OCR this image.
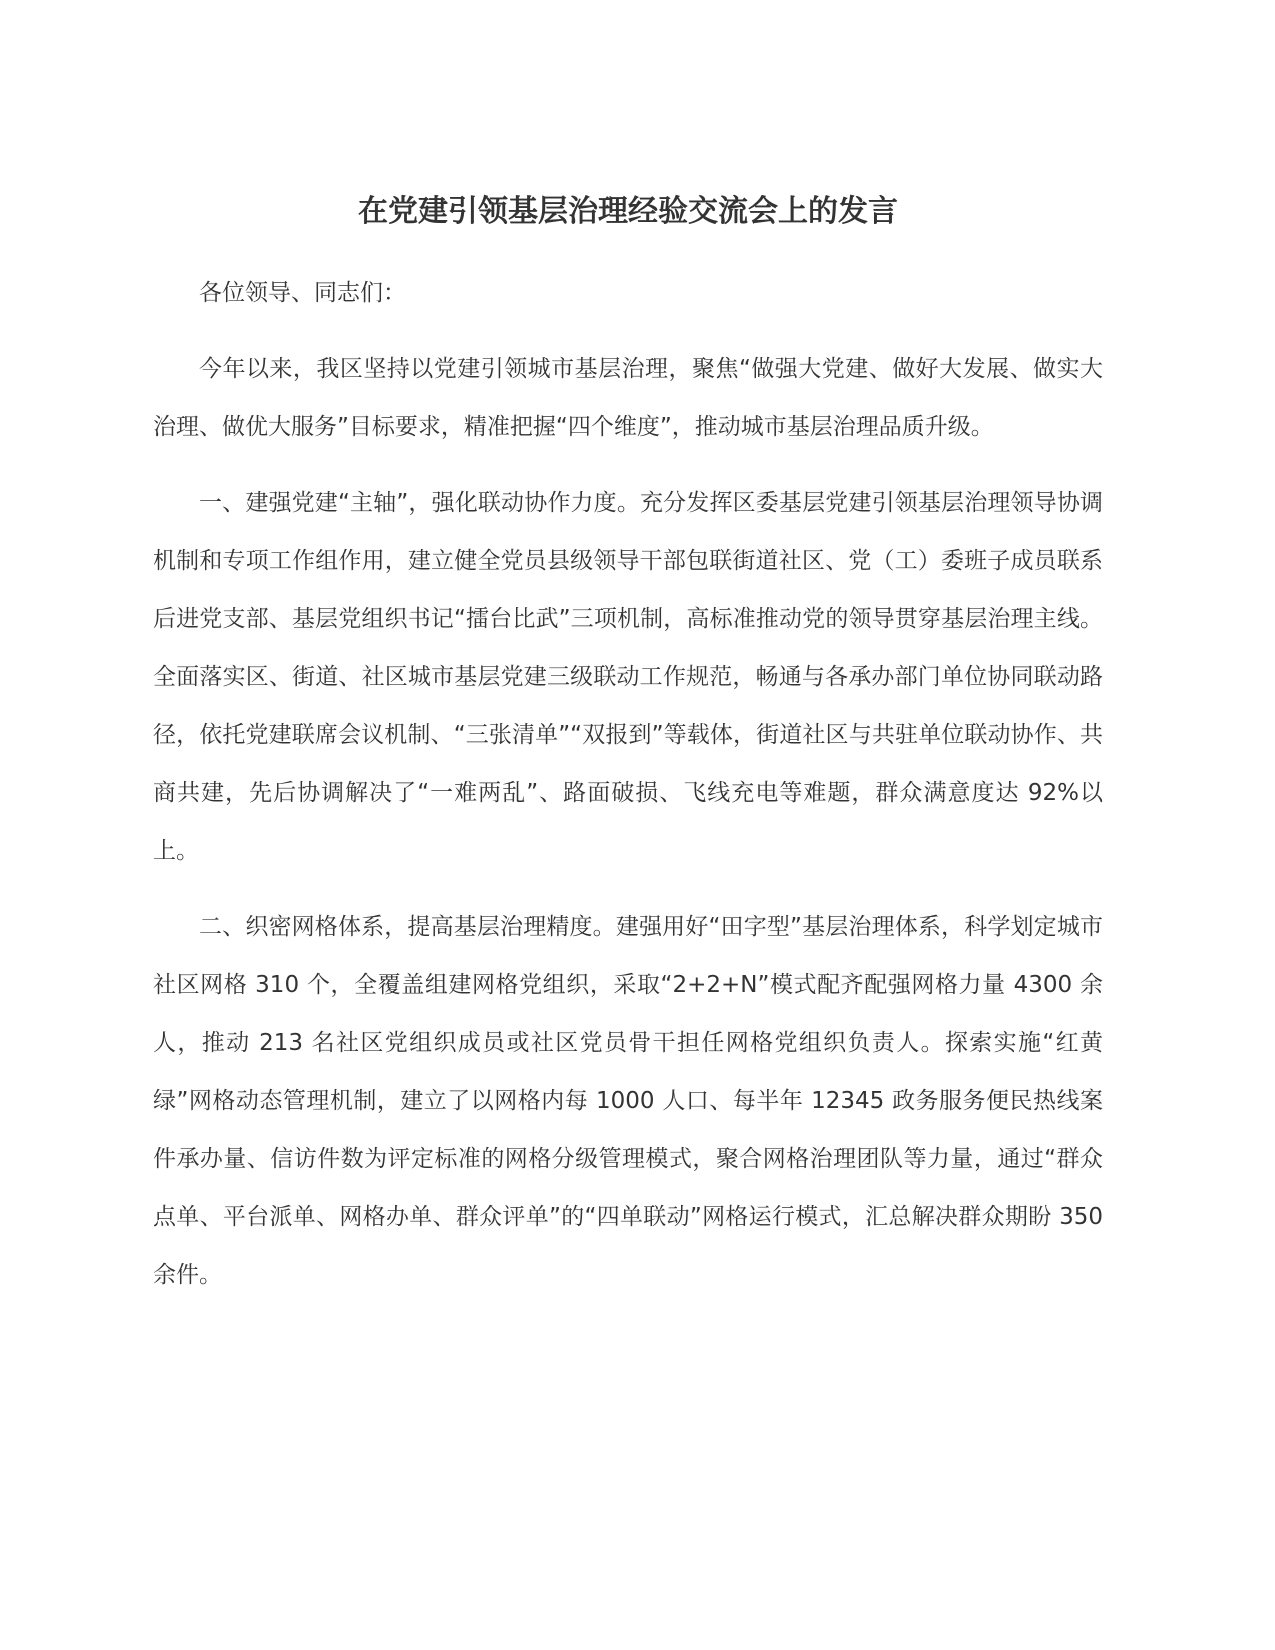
在党建引领基层治理经验交流会上的发言

各位领导、同志们：

今年以来，我区坚持以党建引领城市基层治理，聚焦“做强大党建、做好大发展、做实大治理、做优大服务”目标要求，精准把握“四个维度”，推动城市基层治理品质升级。

一、建强党建“主轴”，强化联动协作力度。充分发挥区委基层党建引领基层治理领导协调机制和专项工作组作用，建立健全党员县级领导干部包联街道社区、党（工）委班子成员联系后进党支部、基层党组织书记“擂台比武”三项机制，高标准推动党的领导贯穿基层治理主线。全面落实区、街道、社区城市基层党建三级联动工作规范，畅通与各承办部门单位协同联动路径，依托党建联席会议机制、“三张清单”“双报到”等载体，街道社区与共驻单位联动协作、共商共建，先后协调解决了“一难两乱”、路面破损、飞线充电等难题，群众满意度达 92%以上。

二、织密网格体系，提高基层治理精度。建强用好“田字型”基层治理体系，科学划定城市社区网格 310 个，全覆盖组建网格党组织，采取“2+2+N”模式配齐配强网格力量 4300 余人，推动 213 名社区党组织成员或社区党员骨干担任网格党组织负责人。探索实施“红黄绿”网格动态管理机制，建立了以网格内每 1000 人口、每半年 12345 政务服务便民热线案件承办量、信访件数为评定标准的网格分级管理模式，聚合网格治理团队等力量，通过“群众点单、平台派单、网格办单、群众评单”的“四单联动”网格运行模式，汇总解决群众期盼 350 余件。
